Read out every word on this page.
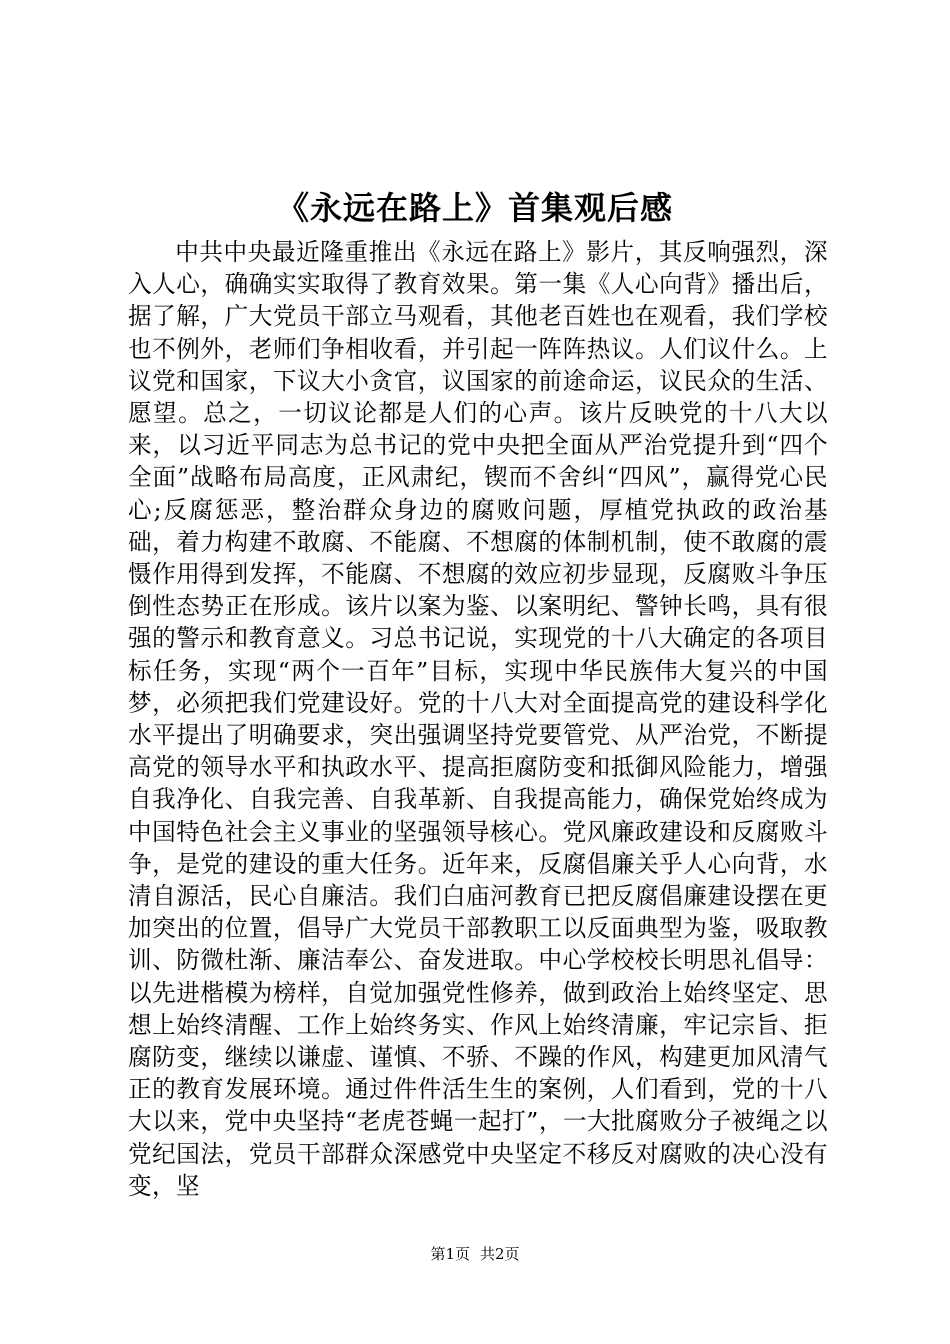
《永远在路上》首集观后感

中共中央最近隆重推出《永远在路上》影片，其反响强烈，深入人心，确确实实取得了教育效果。第一集《人心向背》播出后，据了解，广大党员干部立马观看，其他老百姓也在观看，我们学校也不例外，老师们争相收看，并引起一阵阵热议。人们议什么。上议党和国家，下议大小贪官，议国家的前途命运，议民众的生活、愿望。总之，一切议论都是人们的心声。该片反映党的十八大以来，以习近平同志为总书记的党中央把全面从严治党提升到“四个全面”战略布局高度，正风肃纪，锲而不舍纠“四风”，赢得党心民心;反腐惩恶，整治群众身边的腐败问题，厚植党执政的政治基础，着力构建不敢腐、不能腐、不想腐的体制机制，使不敢腐的震慑作用得到发挥，不能腐、不想腐的效应初步显现，反腐败斗争压倒性态势正在形成。该片以案为鉴、以案明纪、警钟长鸣，具有很强的警示和教育意义。习总书记说，实现党的十八大确定的各项目标任务，实现“两个一百年”目标，实现中华民族伟大复兴的中国梦，必须把我们党建设好。党的十八大对全面提高党的建设科学化水平提出了明确要求，突出强调坚持党要管党、从严治党，不断提高党的领导水平和执政水平、提高拒腐防变和抵御风险能力，增强自我净化、自我完善、自我革新、自我提高能力，确保党始终成为中国特色社会主义事业的坚强领导核心。党风廉政建设和反腐败斗争，是党的建设的重大任务。近年来，反腐倡廉关乎人心向背，水清自源活，民心自廉洁。我们白庙河教育已把反腐倡廉建设摆在更加突出的位置，倡导广大党员干部教职工以反面典型为鉴，吸取教训、防微杜渐、廉洁奉公、奋发进取。中心学校校长明思礼倡导：以先进楷模为榜样，自觉加强党性修养，做到政治上始终坚定、思想上始终清醒、工作上始终务实、作风上始终清廉，牢记宗旨、拒腐防变，继续以谦虚、谨慎、不骄、不躁的作风，构建更加风清气正的教育发展环境。通过件件活生生的案例，人们看到，党的十八大以来，党中央坚持“老虎苍蝇一起打”，一大批腐败分子被绳之以党纪国法，党员干部群众深感党中央坚定不移反对腐败的决心没有变，坚

第1页 共2页
